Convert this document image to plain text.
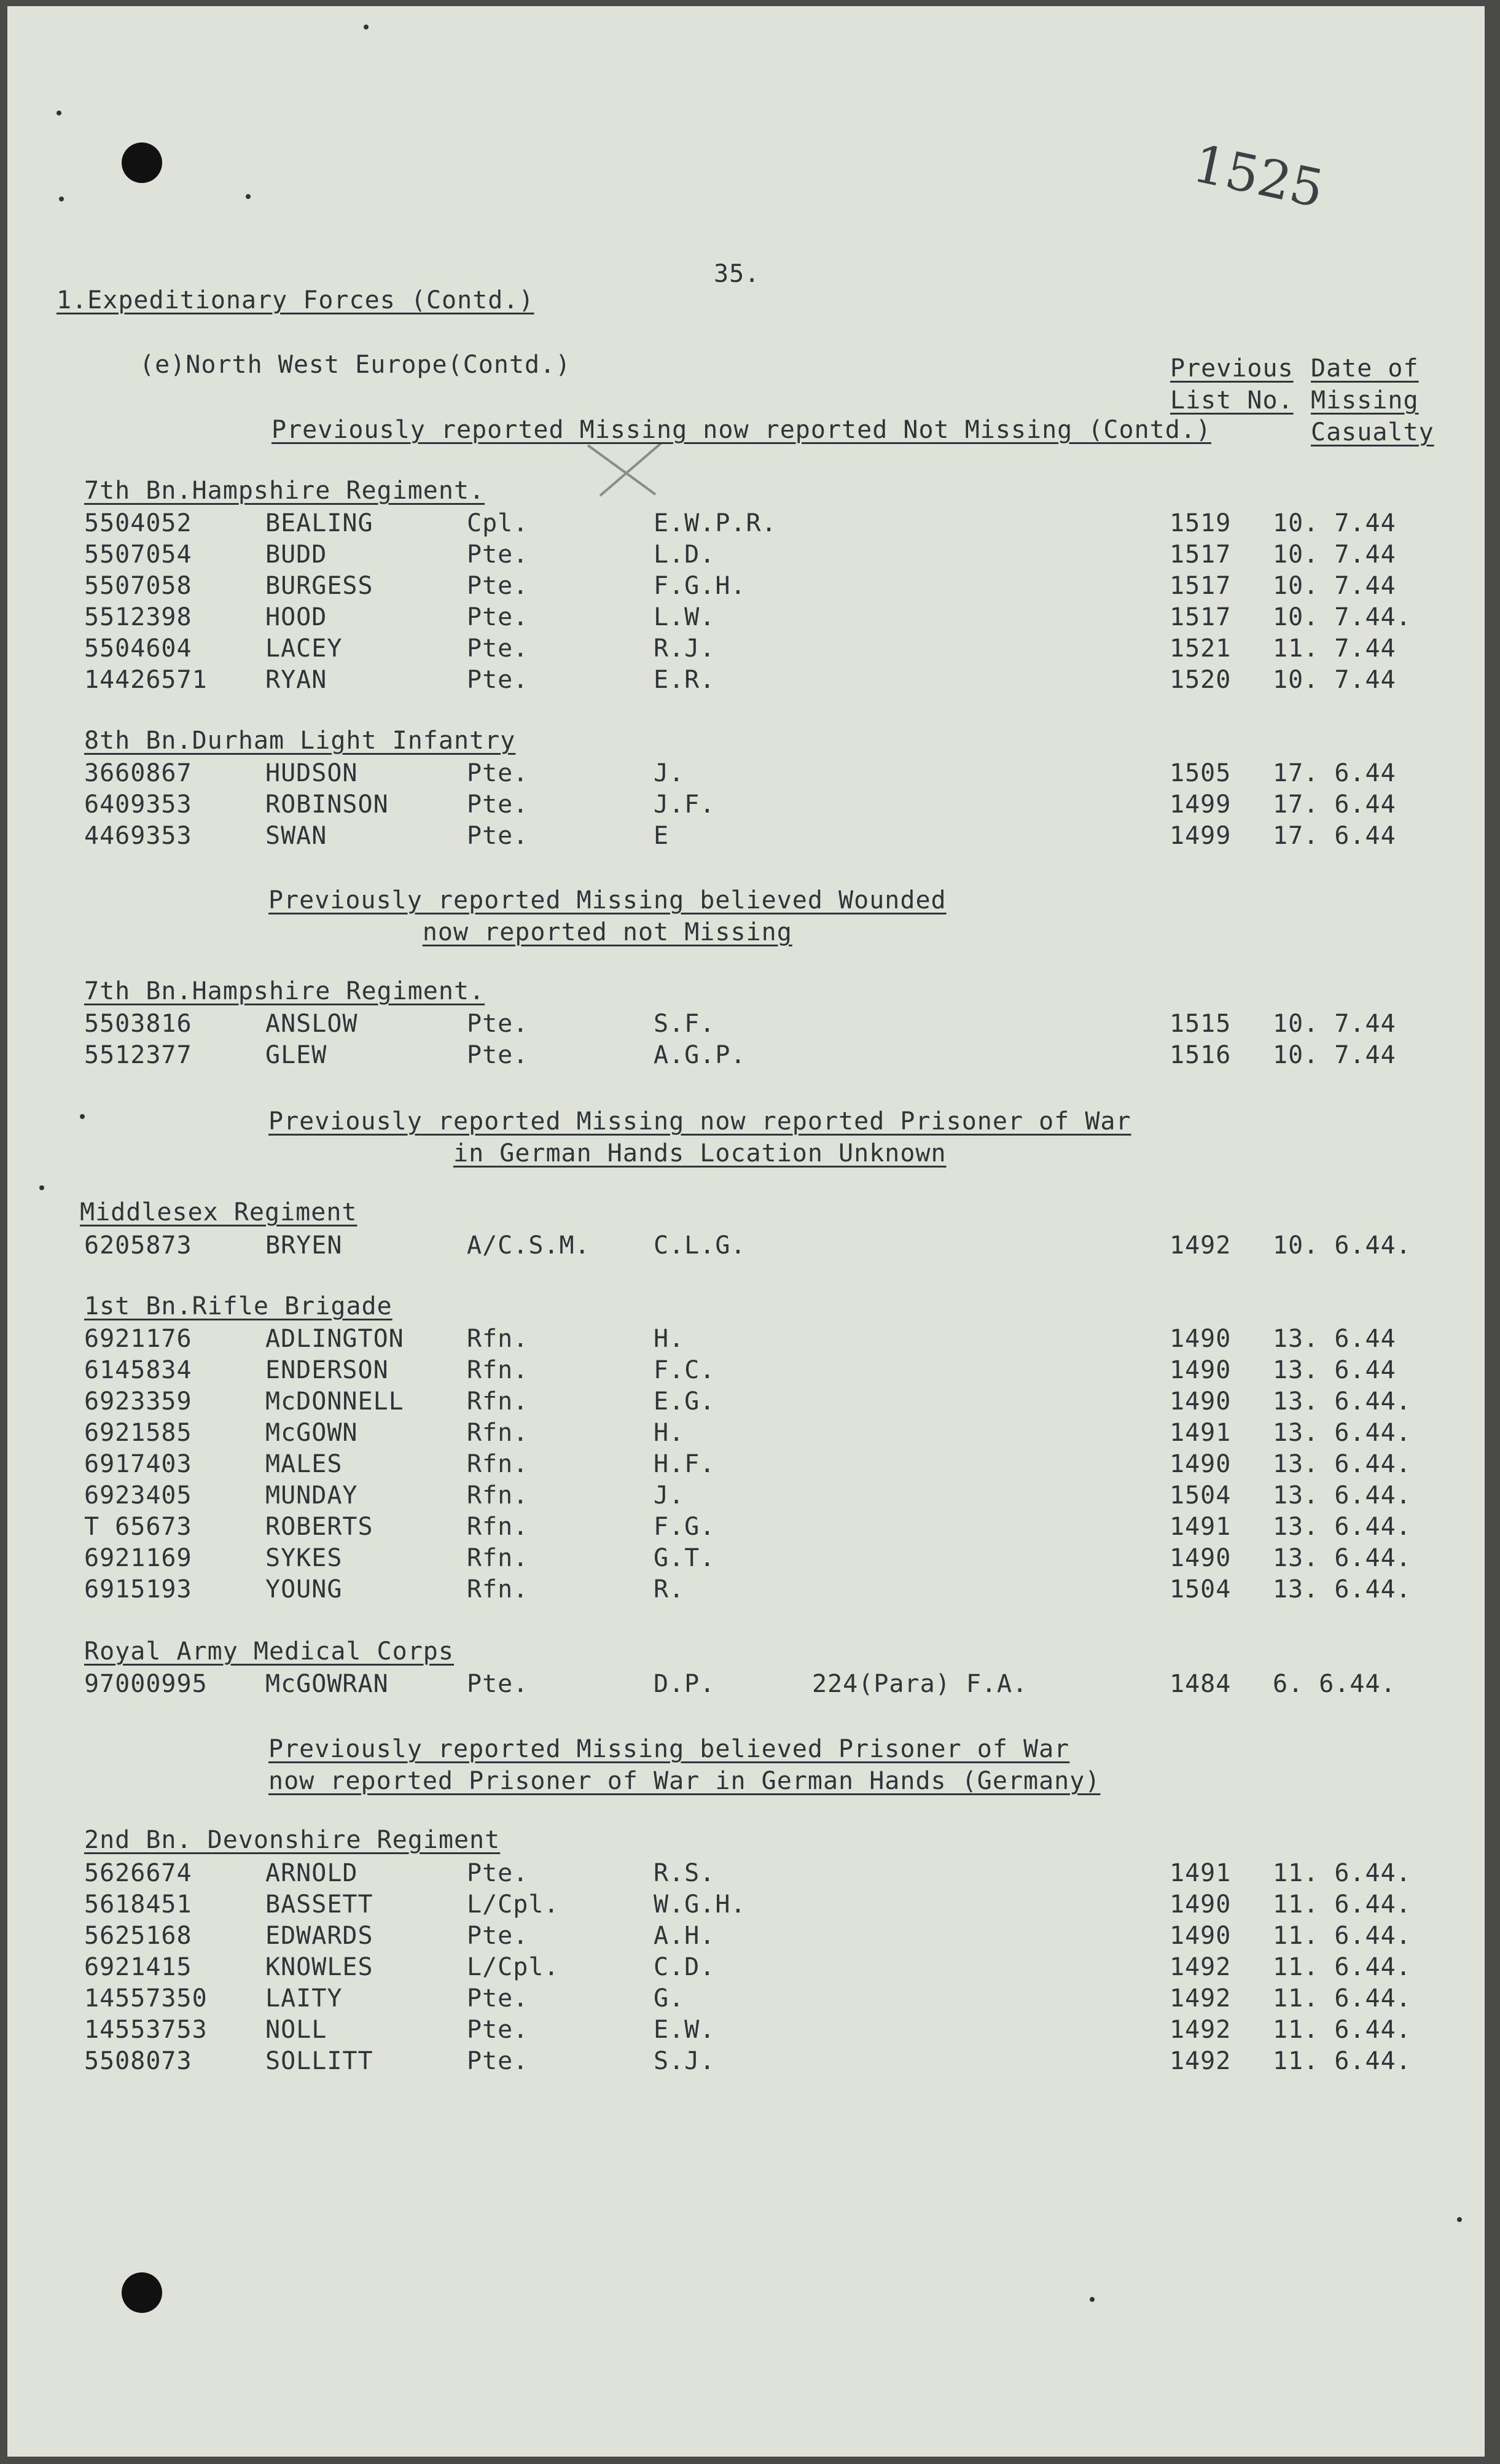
1525
35.
1.Expeditionary Forces (Contd.)
(e)North West Europe(Contd.)	Previous
List No.
Date of
Missing
Casualty
Previously reported Missing now reported Not Missing (Contd.)
7th Bn.Hampshire Regiment.
5504052	BEALING	Cpl.	E.W.P.R.	1519 10. 7.44
5507054	BUDD	Pte.	L.D.	1517 10. 7.44
5507058	BURGESS	Pte.	F.G.H.	1517 10. 7.44
5512398	HOOD	Pte.	L.W.	1517 10. 7.44.
5504604	LACEY	Pte.	R.J.	1521 11. 7.44
14426571 RYAN	Pte.	E.R.	1520 10. 7.44
8th Bn.Durham Light Infantry
3660867	HUDSON	Pte.	J.	1505 17. 6.44
6409353	ROBINSON	Pte.	J.F.	1499 17. 6.44
4469353	SWAN	Pte.	E	1499 17. 6.44
Previously reported Missing believed Wounded
now reported not Missing
7th Bn.Hampshire Regiment.
5503816	ANSLOW	Pte.	S.F.	1515 10. 7.44
5512377	GLEW	Pte.	A.G.P.	1516 10. 7.44
Previously reported Missing now reported Prisoner of War
in German Hands Location Unknown
Middlesex Regiment
6205873	BRYEN	A/C.S.M.	C.L.G.	1492 10. 6.44.
1st Bn.Rifle Brigade
6921176	ADLINGTON	Rfn.	H.	1490 13. 6.44
6145834	ENDERSON	Rfn.	F.C.	1490 13. 6.44
6923359	McDONNELL	Rfn.	E.G.	1490 13. 6.44.
6921585	McGOWN	Rfn.	H.	1491 13. 6.44.
6917403	MALES	Rfn.	H.F.	1490 13. 6.44.
6923405	MUNDAY	Rfn.	J.	1504 13. 6.44.
T 65673	ROBERTS	Rfn.	F.G.	1491 13. 6.44.
6921169	SYKES	Rfn.	G.T.	1490 13. 6.44.
6915193	YOUNG	Rfn.	R.	1504 13. 6.44.
Royal Army Medical Corps
97000995 McGOWRAN	Pte.	D.P.	224(Para) F.A.	1484 6. 6.44.
Previously reported Missing believed Prisoner of War
now reported Prisoner of War in German Hands (Germany)
2nd Bn. Devonshire Regiment
5626674	ARNOLD	Pte.	R.S.	1491 11. 6.44.
5618451	BASSETT	L/Cpl.	W.G.H.	1490 11. 6.44.
5625168	EDWARDS	Pte.	A.H.	1490 11. 6.44.
6921415	KNOWLES	L/Cpl.	C.D.	1492 11. 6.44.
14557350 LAITY	Pte.	G.	1492 11. 6.44.
14553753 NOLL	Pte.	E.W.	1492 11. 6.44.
5508073	SOLLITT	Pte.	S.J.	1492 11. 6.44.
